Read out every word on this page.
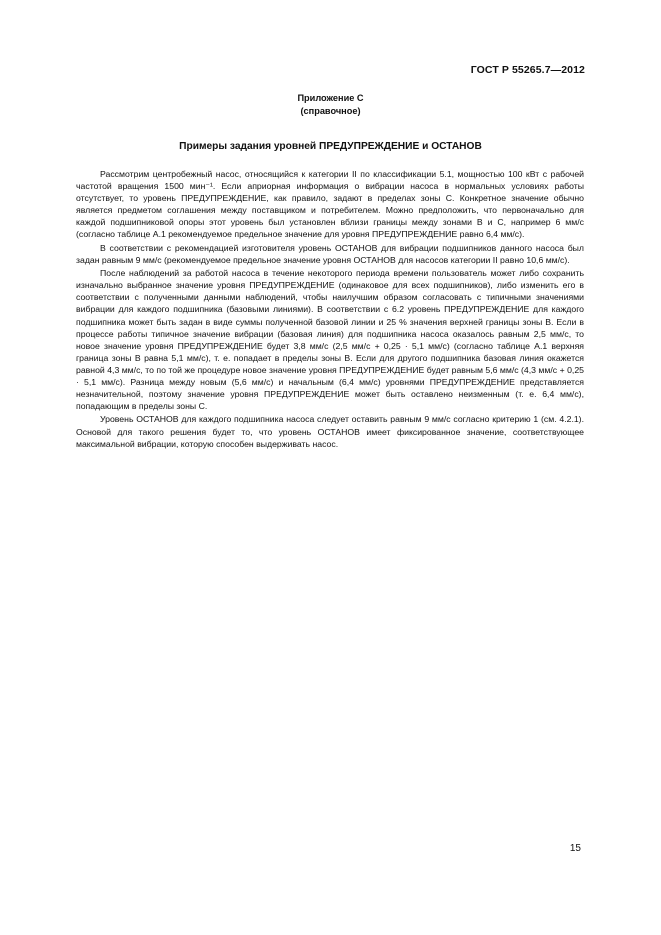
ГОСТ Р 55265.7—2012
Приложение С
(справочное)
Примеры задания уровней ПРЕДУПРЕЖДЕНИЕ и ОСТАНОВ

Рассмотрим центробежный насос, относящийся к категории II по классификации 5.1, мощностью 100 кВт с рабочей частотой вращения 1500 мин⁻¹. Если априорная информация о вибрации насоса в нормальных условиях работы отсутствует, то уровень ПРЕДУПРЕЖДЕНИЕ, как правило, задают в пределах зоны С. Конкретное значение обычно является предметом соглашения между поставщиком и потребителем. Можно предположить, что первоначально для каждой подшипниковой опоры этот уровень был установлен вблизи границы между зонами В и С, например 6 мм/с (согласно таблице А.1 рекомендуемое предельное значение для уровня ПРЕДУПРЕЖДЕНИЕ равно 6,4 мм/с).

В соответствии с рекомендацией изготовителя уровень ОСТАНОВ для вибрации подшипников данного насоса был задан равным 9 мм/с (рекомендуемое предельное значение уровня ОСТАНОВ для насосов категории II равно 10,6 мм/с).

После наблюдений за работой насоса в течение некоторого периода времени пользователь может либо сохранить изначально выбранное значение уровня ПРЕДУПРЕЖДЕНИЕ (одинаковое для всех подшипников), либо изменить его в соответствии с полученными данными наблюдений, чтобы наилучшим образом согласовать с типичными значениями вибрации для каждого подшипника (базовыми линиями). В соответствии с 6.2 уровень ПРЕДУПРЕЖДЕНИЕ для каждого подшипника может быть задан в виде суммы полученной базовой линии и 25 % значения верхней границы зоны В. Если в процессе работы типичное значение вибрации (базовая линия) для подшипника насоса оказалось равным 2,5 мм/с, то новое значение уровня ПРЕДУПРЕЖДЕНИЕ будет 3,8 мм/с (2,5 мм/с + 0,25 · 5,1 мм/с) (согласно таблице А.1 верхняя граница зоны В равна 5,1 мм/с), т. е. попадает в пределы зоны В. Если для другого подшипника базовая линия окажется равной 4,3 мм/с, то по той же процедуре новое значение уровня ПРЕДУПРЕЖДЕНИЕ будет равным 5,6 мм/с (4,3 мм/с + 0,25 · 5,1 мм/с). Разница между новым (5,6 мм/с) и начальным (6,4 мм/с) уровнями ПРЕДУПРЕЖДЕНИЕ представляется незначительной, поэтому значение уровня ПРЕДУПРЕЖДЕНИЕ может быть оставлено неизменным (т. е. 6,4 мм/с), попадающим в пределы зоны С.

Уровень ОСТАНОВ для каждого подшипника насоса следует оставить равным 9 мм/с согласно критерию 1 (см. 4.2.1). Основой для такого решения будет то, что уровень ОСТАНОВ имеет фиксированное значение, соответствующее максимальной вибрации, которую способен выдерживать насос.

15
